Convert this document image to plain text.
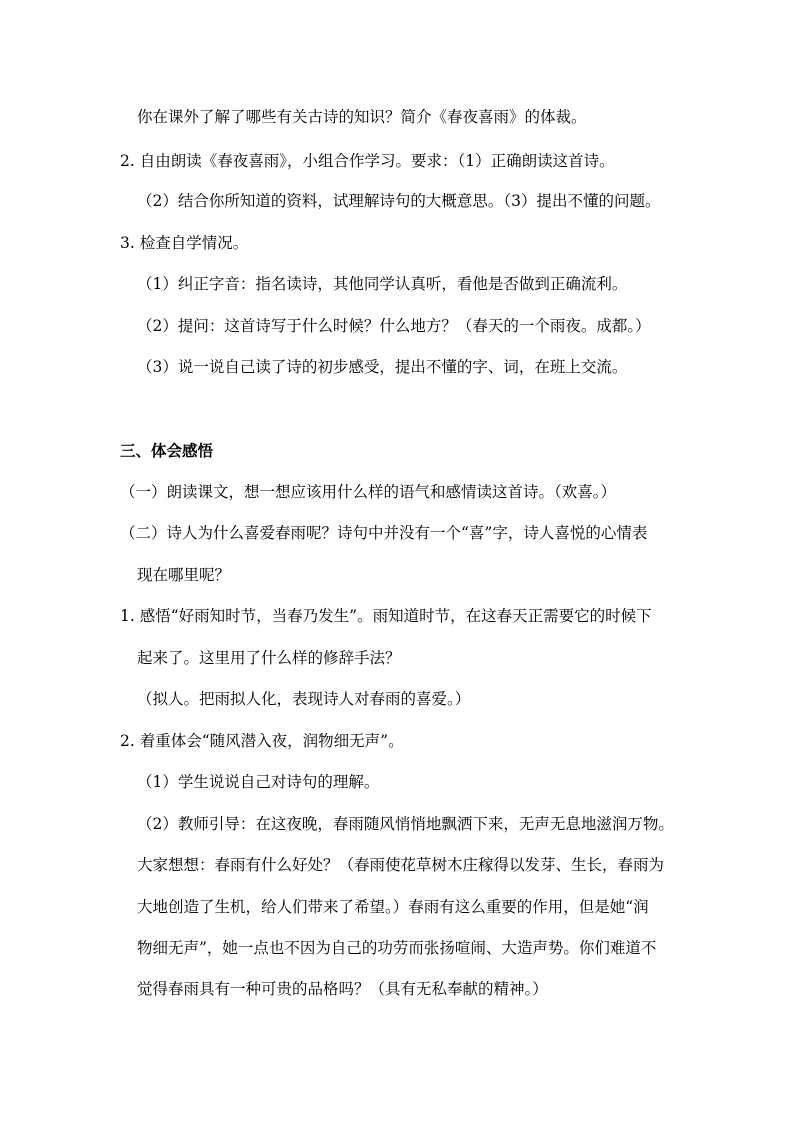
你在课外了解了哪些有关古诗的知识？简介《春夜喜雨》的体裁。
2. 自由朗读《春夜喜雨》，小组合作学习。要求：（1）正确朗读这首诗。
（2）结合你所知道的资料，试理解诗句的大概意思。（3）提出不懂的问题。
3. 检查自学情况。
（1）纠正字音：指名读诗，其他同学认真听，看他是否做到正确流利。
（2）提问：这首诗写于什么时候？什么地方？（春天的一个雨夜。成都。）
（3）说一说自己读了诗的初步感受，提出不懂的字、词，在班上交流。
三、体会感悟
（一）朗读课文，想一想应该用什么样的语气和感情读这首诗。（欢喜。）
（二）诗人为什么喜爱春雨呢？诗句中并没有一个“喜”字，诗人喜悦的心情表
现在哪里呢？
1. 感悟“好雨知时节，当春乃发生”。雨知道时节，在这春天正需要它的时候下
起来了。这里用了什么样的修辞手法？
（拟人。把雨拟人化，表现诗人对春雨的喜爱。）
2. 着重体会“随风潜入夜，润物细无声”。
（1）学生说说自己对诗句的理解。
（2）教师引导：在这夜晚，春雨随风悄悄地飘洒下来，无声无息地滋润万物。
大家想想：春雨有什么好处？（春雨使花草树木庄稼得以发芽、生长，春雨为
大地创造了生机，给人们带来了希望。）春雨有这么重要的作用，但是她“润
物细无声”，她一点也不因为自己的功劳而张扬喧闹、大造声势。你们难道不
觉得春雨具有一种可贵的品格吗？（具有无私奉献的精神。）
